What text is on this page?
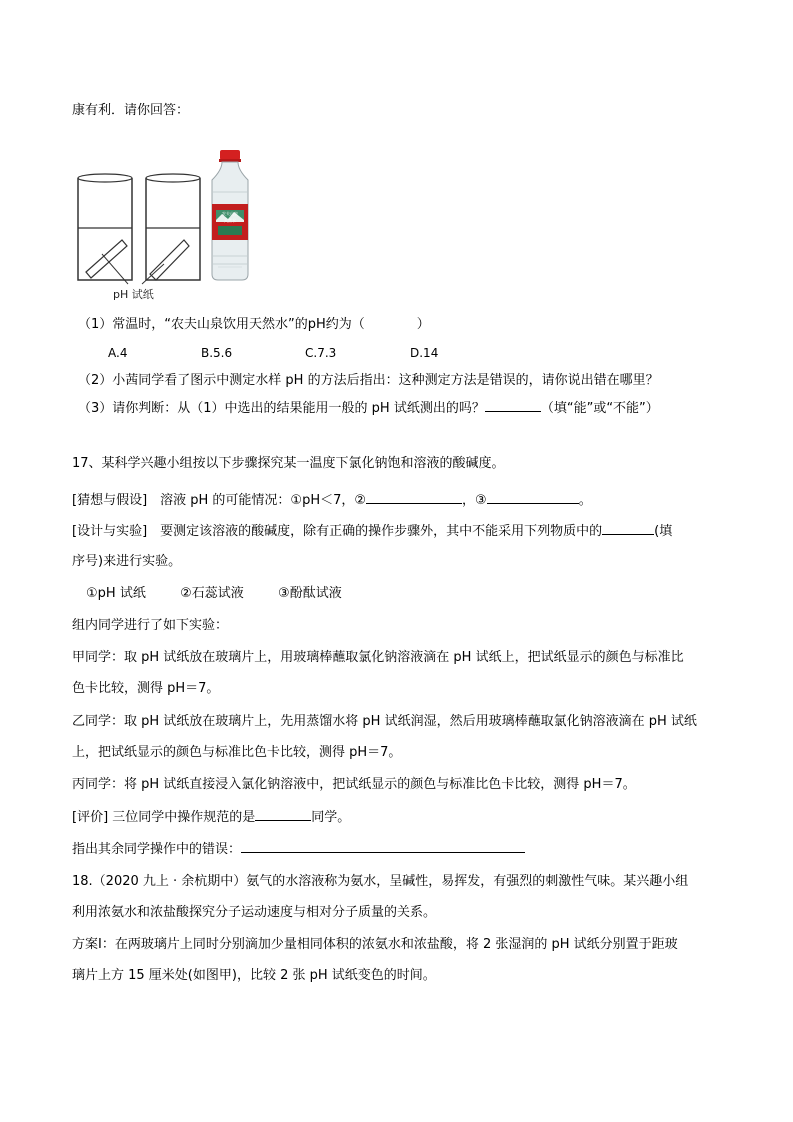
康有利．请你回答：
农夫山泉
天然水
pH 试纸
（1）常温时，“农夫山泉饮用天然水”的pH约为（　　　　）
A.4	B.5.6	C.7.3	D.14
（2）小茜同学看了图示中测定水样 pH 的方法后指出：这种测定方法是错误的，请你说出错在哪里？
（3）请你判断：从（1）中选出的结果能用一般的 pH 试纸测出的吗？	（填“能”或“不能”）
17、某科学兴趣小组按以下步骤探究某一温度下氯化钠饱和溶液的酸碱度。
[猜想与假设]　溶液 pH 的可能情况：①pH＜7，②	，③	。
[设计与实验]　要测定该溶液的酸碱度，除有正确的操作步骤外，其中不能采用下列物质中的	(填
序号)来进行实验。
①pH 试纸	②石蕊试液	③酚酞试液
组内同学进行了如下实验：
甲同学：取 pH 试纸放在玻璃片上，用玻璃棒蘸取氯化钠溶液滴在 pH 试纸上，把试纸显示的颜色与标准比
色卡比较，测得 pH＝7。
乙同学：取 pH 试纸放在玻璃片上，先用蒸馏水将 pH 试纸润湿，然后用玻璃棒蘸取氯化钠溶液滴在 pH 试纸
上，把试纸显示的颜色与标准比色卡比较，测得 pH＝7。
丙同学：将 pH 试纸直接浸入氯化钠溶液中，把试纸显示的颜色与标准比色卡比较，测得 pH＝7。
[评价] 三位同学中操作规范的是	同学。
指出其余同学操作中的错误：
18.（2020 九上 · 余杭期中）氨气的水溶液称为氨水，呈碱性，易挥发，有强烈的刺激性气味。某兴趣小组
利用浓氨水和浓盐酸探究分子运动速度与相对分子质量的关系。
方案Ⅰ：在两玻璃片上同时分别滴加少量相同体积的浓氨水和浓盐酸，将 2 张湿润的 pH 试纸分别置于距玻
璃片上方 15 厘米处(如图甲)，比较 2 张 pH 试纸变色的时间。
